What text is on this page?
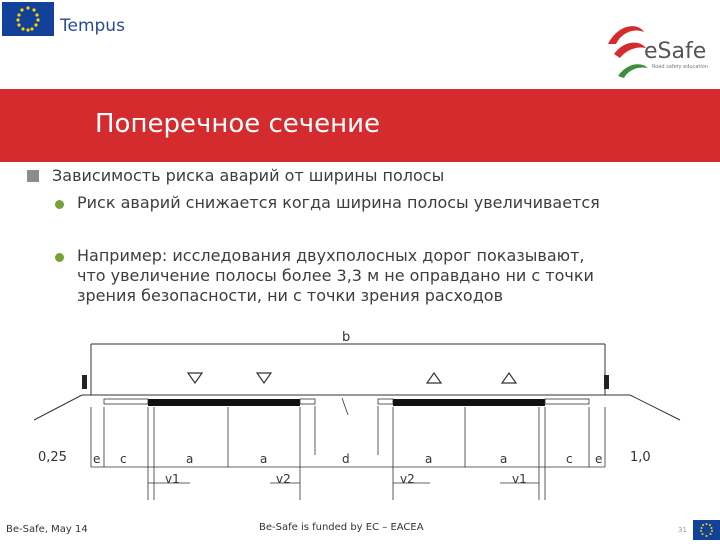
Tempus
eSafe
Road safety education
Поперечное сечение
Зависимость риска аварий от ширины полосы
Риск аварий снижается когда ширина полосы увеличивается
Например: исследования двухполосных дорог показывают, что увеличение полосы более 3,3 м не оправдано ни с точки зрения безопасности, ни с точки зрения расходов
b
0,25	1,0
e c	a	a	d	a	a	c e
v1	v2	v2	v1
Be-Safe, May 14	Be-Safe is funded by EC – EACEA	31
